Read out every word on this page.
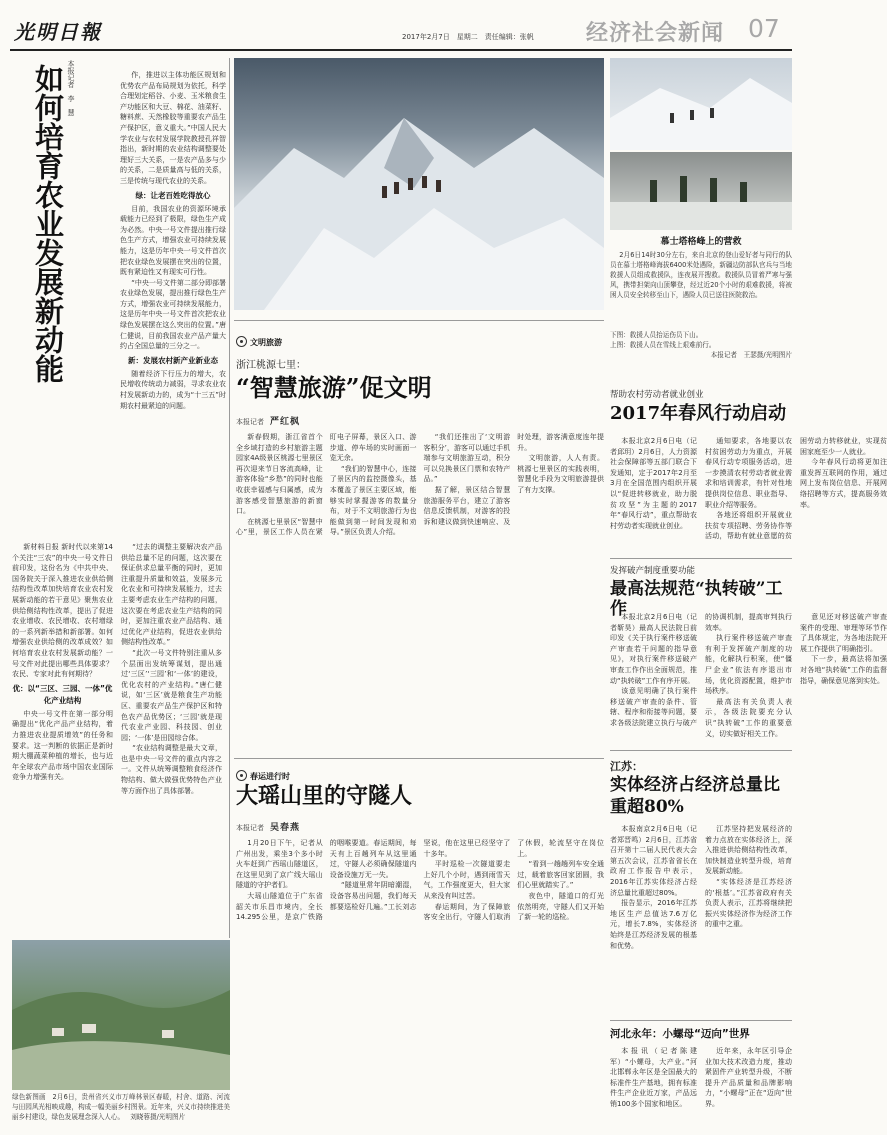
光明日報	2017年2月7日　星期二　责任编辑：张帆	经济社会新闻 07
本报记者　李　慧
如何培育农业发展新动能

新材料日报 新时代以来第14个关注“三农”的中央一号文件日前印发，这份名为《中共中央、国务院关于深入推进农业供给侧结构性改革加快培育农业农村发展新动能的若干意见》聚焦农业供给侧结构性改革，提出了促进农业增收、农民增收、农村增绿的一系列新举措和新部署。如何增强农业供给侧的改革成效？如何培育农业农村发展新动能？一号文件对此提出哪些具体要求？农民、专家对此有何期待？

优：以“三区、三园、一体”优化产业结构

中央一号文件在第一部分明确提出“优化产品产业结构，着力推进农业提质增效”的任务和要求。这一判断的依据正是新时期大棚蔬菜种植的增长，也与近年全球农产品市场中国农业国际竞争力增强有关。

“过去的调整主要解决农产品供给总量不足的问题，这次要在保证供求总量平衡的同时，更加注重提升质量和效益，发展多元化农业和可持续发展能力，过去主要考虑农业生产结构的问题，这次要在考虑农业生产结构的同时，更加注重农业产品结构、通过优化产业结构，促进农业供给侧结构性改革。”

“此次一号文件特别注重从多个层面出发统筹谋划，提出通过‘三区’‘三园’和‘一体’的建设，优化农村的产业结构。”唐仁健说，如‘三区’就是粮食生产功能区、重要农产品生产保护区和特色农产品优势区；‘三园’就是现代农业产业园、科技园、创业园；‘一体’是田园综合体。

“农业结构调整是最大文章，也是中央一号文件的重点内容之一。文件从统筹调整粮食经济作物结构、做大做强优势特色产业等方面作出了具体部署。

作，推进以主体功能区规划和优势农产品布局规划为依托，科学合理划定稻谷、小麦、玉米粮食生产功能区和大豆、棉花、油菜籽、糖料蔗、天然橡胶等重要农产品生产保护区，意义重大。”中国人民大学农业与农村发展学院教授孔祥智指出，新时期的农业结构调整要处理好三大关系，一是农产品多与少的关系，二是质量高与低的关系，三是传统与现代农业的关系。

绿：让老百姓吃得放心

目前，我国农业的资源环境承载能力已经到了极限，绿色生产成为必然。中央一号文件提出推行绿色生产方式，增强农业可持续发展能力，这是历年中央一号文件首次把农业绿色发展摆在突出的位置，既有紧迫性又有现实可行性。

“中央一号文件第二部分即部署农业绿色发展，提出推行绿色生产方式，增强农业可持续发展能力，这是历年中央一号文件首次把农业绿色发展摆在这么突出的位置。”唐仁健说，目前我国农业产品产量大约占全国总量的三分之一。

新：发展农村新产业新业态

随着经济下行压力的增大，农民增收传统动力减弱，寻求农业农村发展新动力的，成为“十三五”时期农村最紧迫的问题。

慕士塔格峰上的营救
2月6日14时30分左右，来自北京的登山爱好者与同行的队员在慕士塔格峰海拔6400米处遇险，新疆边防部队官兵与当地救援人员组成救援队，连夜展开搜救。救援队员冒着严寒与强风，携带担架向山顶攀登，经过近20个小时的艰难救援，将被困人员安全转移至山下，遇险人员已送往医院救治。
下图：救援人员抬运伤员下山。
上图：救援人员在雪线上艰难前行。
本报记者　王瑟摄/光明图片
文明旅游
浙江桃源七里：
“智慧旅游”促文明
本报记者 严红枫

新春假期，浙江省首个全乡域打造的乡村旅游主题园家4A级景区桃源七里景区再次迎来节日客流高峰，让游客体验“乡愁”的同时也能收获幸福感与归属感，成为游客感受智慧旅游的新窗口。

在桃源七里景区“智慧中心”里，景区工作人员在紧盯电子屏幕，景区入口、游步道、停车场的实时画面一览无余。

“我们的智慧中心，连接了景区内的监控摄像头，基本覆盖了景区主要区域，能够实时掌握游客的数量分布，对于不文明旅游行为也能做到第一时间发现和劝导。”景区负责人介绍。

“我们还推出了‘文明游客积分’，游客可以通过手机端参与文明旅游互动，积分可以兑换景区门票和农特产品。”

据了解，景区结合智慧旅游服务平台，建立了游客信息反馈机制，对游客的投诉和建议做到快速响应、及时处理，游客满意度连年提升。

文明旅游，人人有责。桃源七里景区的实践表明，智慧化手段为文明旅游提供了有力支撑。

春运进行时
大瑶山里的守隧人
本报记者 吴春燕

1月20日下午，记者从广州出发，乘坐3个多小时火车赶到广西瑶山隧道区，在这里见到了京广线大瑶山隧道的守护者们。

大瑶山隧道位于广东省韶关市乐昌市境内，全长14.295公里，是京广铁路的咽喉要道。春运期间，每天有上百趟列车从这里通过，守隧人必须确保隧道内设备设施万无一失。

“隧道里常年阴暗潮湿，设备容易出问题，我们每天都要巡检好几遍。”工长刘志坚说，他在这里已经坚守了十多年。

平时巡检一次隧道要走上好几个小时，遇到雨雪天气，工作强度更大，但大家从来没有叫过苦。

春运期间，为了保障旅客安全出行，守隧人们取消了休假，轮流坚守在岗位上。

“看到一趟趟列车安全通过，载着旅客回家团圆，我们心里就踏实了。”

夜色中，隧道口的灯光依然明亮，守隧人们又开始了新一轮的巡检。

绿色新图画　2月6日，贵州省兴义市万峰林景区春暖，村舍、道路、河流与田园风光相映成趣，构成一幅美丽乡村图景。近年来，兴义市持续推进美丽乡村建设，绿色发展理念深入人心。 刘晓蓉摄/光明图片
帮助农村劳动者就业创业
2017年春风行动启动

本报北京2月6日电（记者邱玥）2月6日，人力资源社会保障部等五部门联合下发通知，定于2017年2月至3月在全国范围内组织开展以“促进转移就业，助力脱贫攻坚”为主题的2017年“春风行动”，重点帮助农村劳动者实现就业创业。

通知要求，各地要以农村贫困劳动力为重点，开展春风行动专项服务活动，进一步摸清农村劳动者就业需求和培训需求，有针对性地提供岗位信息、职业指导、职业介绍等服务。

各地还将组织开展就业扶贫专项招聘、劳务协作等活动，帮助有就业意愿的贫困劳动力转移就业，实现贫困家庭至少一人就业。

今年春风行动将更加注重发挥互联网的作用，通过网上发布岗位信息、开展网络招聘等方式，提高服务效率。

发挥破产制度重要功能
最高法规范“执转破”工作

本报北京2月6日电（记者靳昊）最高人民法院日前印发《关于执行案件移送破产审查若干问题的指导意见》，对执行案件移送破产审查工作作出全面规范，推动“执转破”工作有序开展。

该意见明确了执行案件移送破产审查的条件、管辖、程序和衔接等问题，要求各级法院建立执行与破产的协调机制，提高审判执行效率。

执行案件移送破产审查有利于发挥破产制度的功能，化解执行积案，使“僵尸企业”依法有序退出市场，优化资源配置，维护市场秩序。

最高法有关负责人表示，各级法院要充分认识“执转破”工作的重要意义，切实做好相关工作。

意见还对移送破产审查案件的受理、审理等环节作了具体规定，为各地法院开展工作提供了明确指引。

下一步，最高法将加强对各地“执转破”工作的监督指导，确保意见落到实处。

江苏：
实体经济占经济总量比重超80%

本报南京2月6日电（记者郑晋鸣）2月6日，江苏省召开第十二届人民代表大会第五次会议，江苏省省长在政府工作报告中表示，2016年江苏实体经济占经济总量比重超过80%。

报告显示，2016年江苏地区生产总值达7.6万亿元，增长7.8%，实体经济始终是江苏经济发展的根基和优势。

江苏坚持把发展经济的着力点放在实体经济上，深入推进供给侧结构性改革，加快制造业转型升级，培育发展新动能。

“实体经济是江苏经济的‘根基’。”江苏省政府有关负责人表示，江苏将继续把振兴实体经济作为经济工作的重中之重。

河北永年：小螺母“迈向”世界

本报讯（记者陈建军）“小螺母，大产业。”河北邯郸永年区是全国最大的标准件生产基地，拥有标准件生产企业近万家，产品远销100多个国家和地区。

近年来，永年区引导企业加大技术改造力度，推动紧固件产业转型升级，不断提升产品质量和品牌影响力，“小螺母”正在“迈向”世界。
